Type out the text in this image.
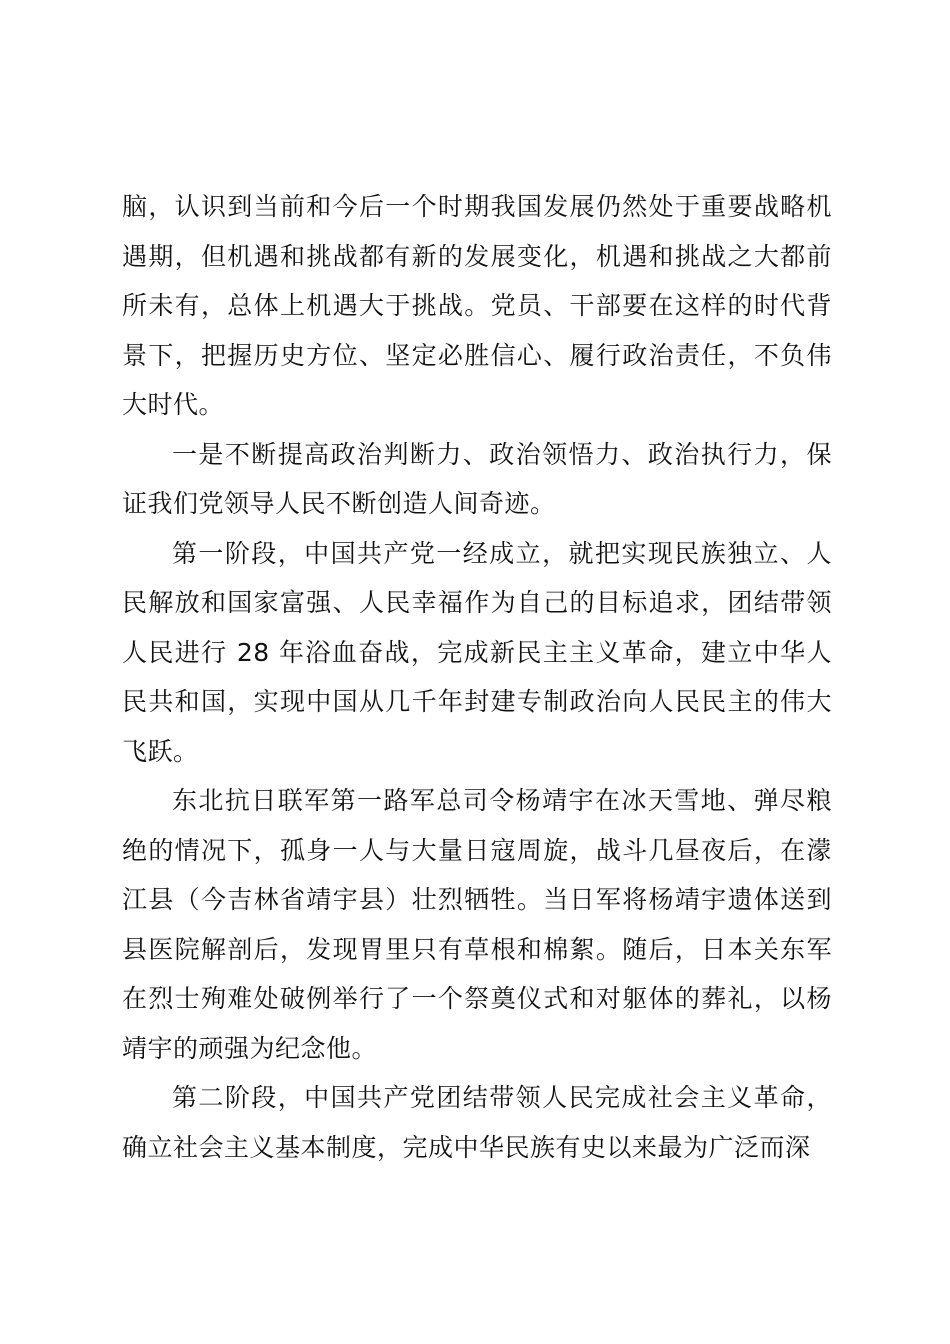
脑，认识到当前和今后一个时期我国发展仍然处于重要战略机遇期，但机遇和挑战都有新的发展变化，机遇和挑战之大都前所未有，总体上机遇大于挑战。党员、干部要在这样的时代背景下，把握历史方位、坚定必胜信心、履行政治责任，不负伟大时代。

一是不断提高政治判断力、政治领悟力、政治执行力，保证我们党领导人民不断创造人间奇迹。

第一阶段，中国共产党一经成立，就把实现民族独立、人民解放和国家富强、人民幸福作为自己的目标追求，团结带领人民进行 28 年浴血奋战，完成新民主主义革命，建立中华人民共和国，实现中国从几千年封建专制政治向人民民主的伟大飞跃。

东北抗日联军第一路军总司令杨靖宇在冰天雪地、弹尽粮绝的情况下，孤身一人与大量日寇周旋，战斗几昼夜后，在濛江县（今吉林省靖宇县）壮烈牺牲。当日军将杨靖宇遗体送到县医院解剖后，发现胃里只有草根和棉絮。随后，日本关东军在烈士殉难处破例举行了一个祭奠仪式和对躯体的葬礼，以杨靖宇的顽强为纪念他。

第二阶段，中国共产党团结带领人民完成社会主义革命，确立社会主义基本制度，完成中华民族有史以来最为广泛而深
